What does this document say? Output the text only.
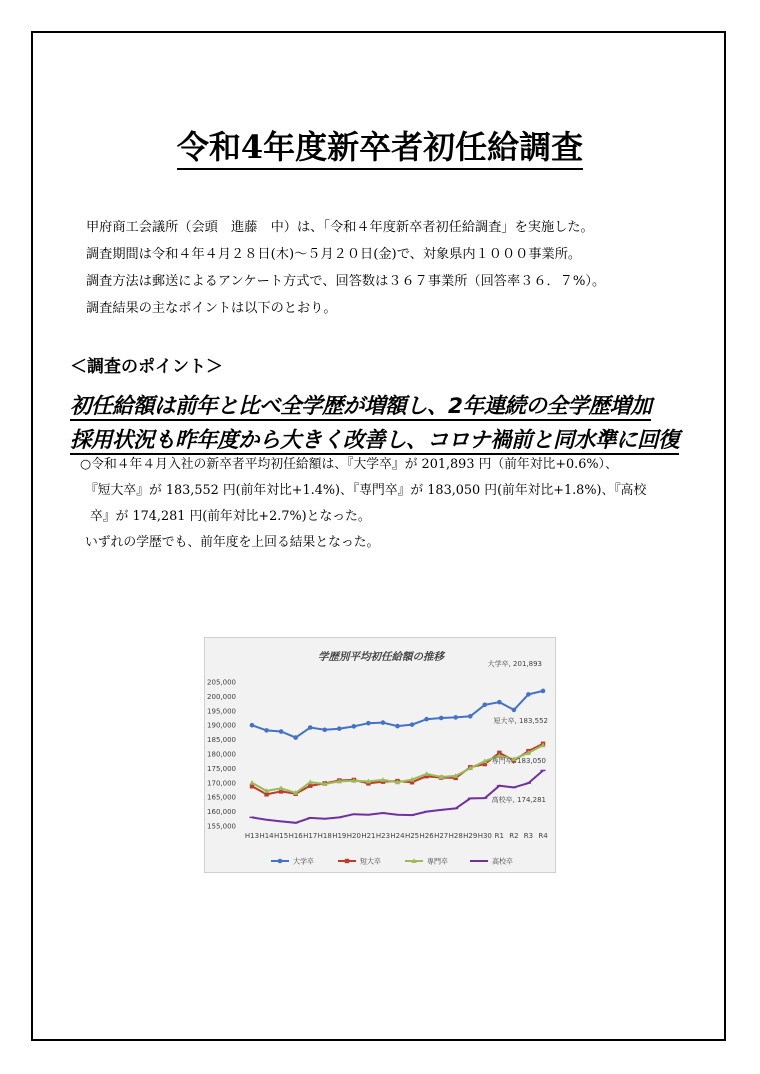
令和4年度新卒者初任給調査
甲府商工会議所（会頭　進藤　中）は、「令和４年度新卒者初任給調査」を実施した。
調査期間は令和４年４月２８日(木)～５月２０日(金)で、対象県内１０００事業所。
調査方法は郵送によるアンケート方式で、回答数は３６７事業所（回答率３６．７%）。
調査結果の主なポイントは以下のとおり。
＜調査のポイント＞
初任給額は前年と比べ全学歴が増額し、2年連続の全学歴増加
採用状況も昨年度から大きく改善し、コロナ禍前と同水準に回復
○令和４年４月入社の新卒者平均初任給額は、『大学卒』が 201,893 円（前年対比+0.6%）、
『短大卒』が 183,552 円(前年対比+1.4%)、『専門卒』が 183,050 円(前年対比+1.8%)、『高校
卒』が 174,281 円(前年対比+2.7%)となった。
いずれの学歴でも、前年度を上回る結果となった。
学歴別平均初任給額の推移
155,000
160,000
165,000
170,000
175,000
180,000
185,000
190,000
195,000
200,000
205,000
H13 H14 H15 H16 H17 H18 H19 H20 H21 H23 H24 H25 H26 H27 H28 H29 H30 R1 R2 R3 R4
大学卒, 201,893
短大卒, 183,552
専門卒, 183,050
高校卒, 174,281
大学卒	短大卒	専門卒	高校卒
